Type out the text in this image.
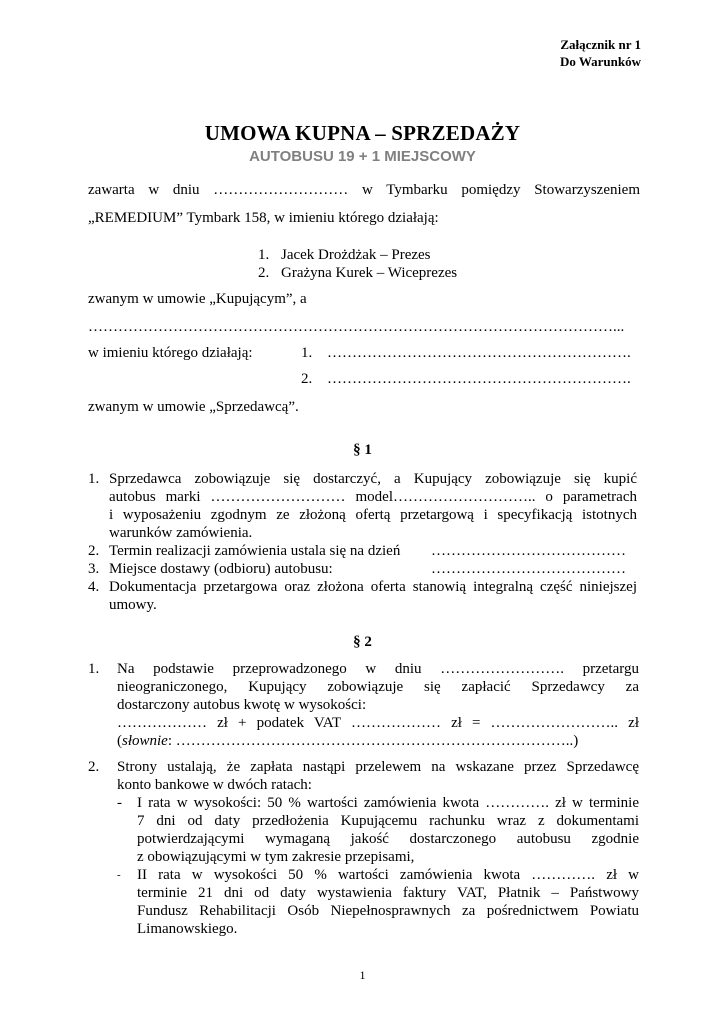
Załącznik nr 1
Do Warunków
UMOWA KUPNA – SPRZEDAŻY
AUTOBUSU 19 + 1 MIEJSCOWY
zawarta w dniu ……………………… w Tymbarku pomiędzy Stowarzyszeniem
„REMEDIUM” Tymbark 158, w imieniu którego działają:
1. Jacek Drożdżak – Prezes
2. Grażyna Kurek – Wiceprezes
zwanym w umowie „Kupującym”, a
……………………………………………………………………………………………...
w imieniu którego działają:	1. …………………………………………………….
2. …………………………………………………….
zwanym w umowie „Sprzedawcą”.
§ 1
1. Sprzedawca zobowiązuje się dostarczyć, a Kupujący zobowiązuje się kupić
autobus marki ……………………… model……………………….. o parametrach
i wyposażeniu zgodnym ze złożoną ofertą przetargową i specyfikacją istotnych
warunków zamówienia.
2. Termin realizacji zamówienia ustala się na dzień …………………………………
3. Miejsce dostawy (odbioru) autobusu:	…………………………………
4. Dokumentacja przetargowa oraz złożona oferta stanowią integralną część niniejszej
umowy.
§ 2
1. Na podstawie przeprowadzonego w dniu ……………………. przetargu
nieograniczonego, Kupujący zobowiązuje się zapłacić Sprzedawcy za
dostarczony autobus kwotę w wysokości:
……………… zł + podatek VAT ……………… zł = …………………….. zł
(słownie: ……………………………………………………………………..)
2. Strony ustalają, że zapłata nastąpi przelewem na wskazane przez Sprzedawcę
konto bankowe w dwóch ratach:
- I rata w wysokości: 50 % wartości zamówienia kwota …………. zł w terminie
7 dni od daty przedłożenia Kupującemu rachunku wraz z dokumentami
potwierdzającymi wymaganą jakość dostarczonego autobusu zgodnie
z obowiązującymi w tym zakresie przepisami,
- II rata w wysokości 50 % wartości zamówienia kwota …………. zł w
terminie 21 dni od daty wystawienia faktury VAT, Płatnik – Państwowy
Fundusz Rehabilitacji Osób Niepełnosprawnych za pośrednictwem Powiatu
Limanowskiego.
1
